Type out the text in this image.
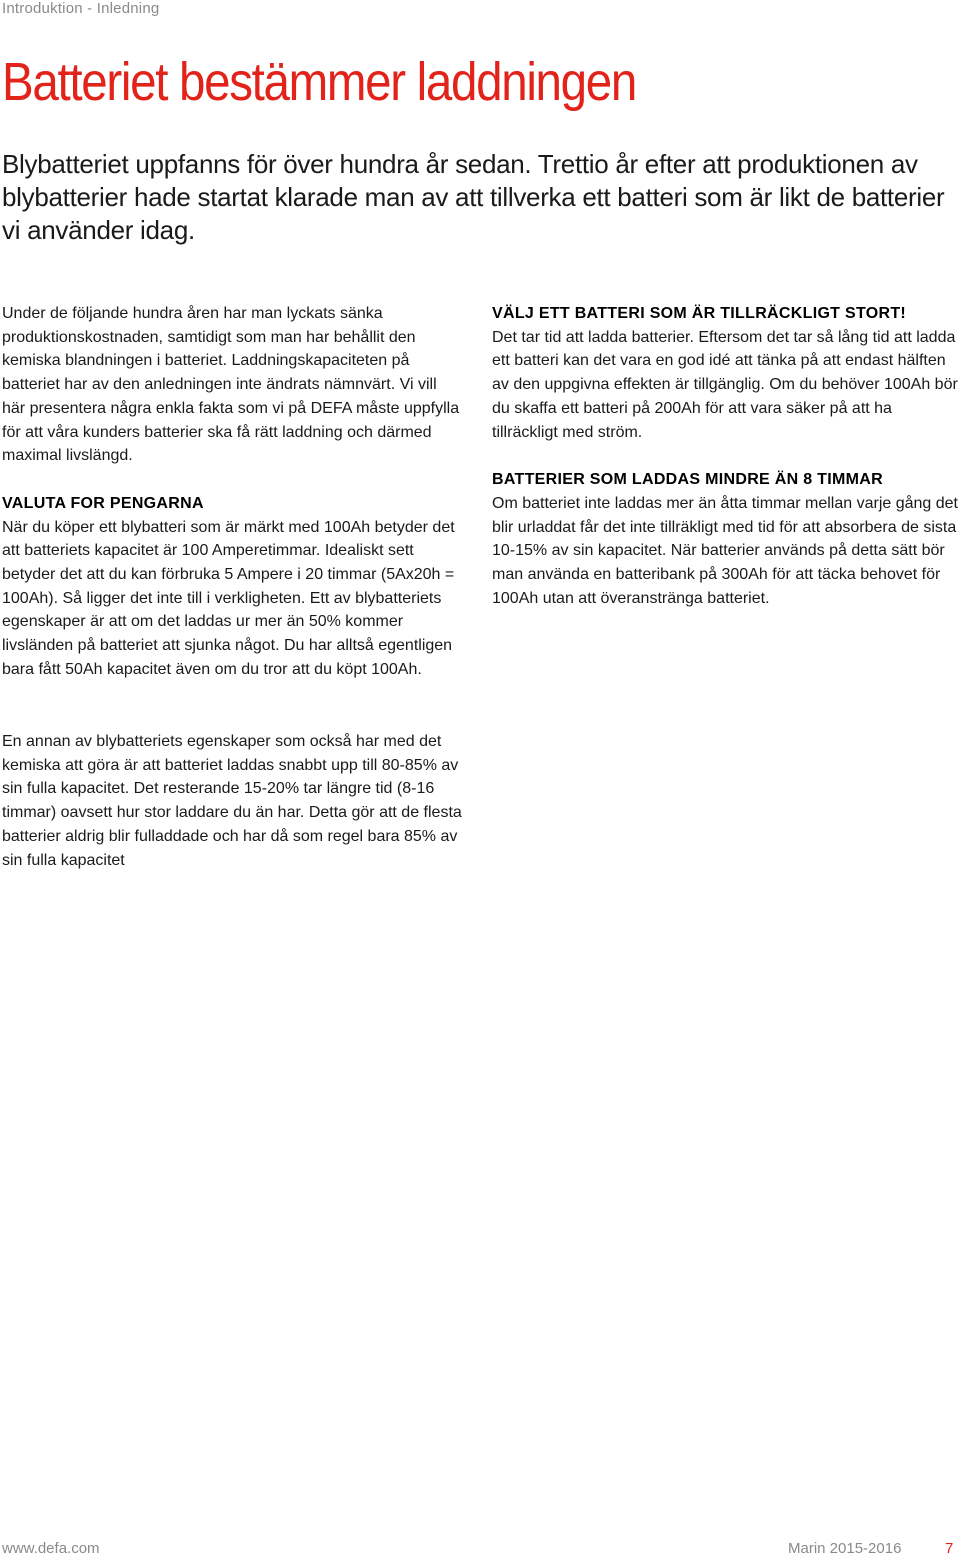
Introduktion - Inledning
Batteriet bestämmer laddningen

Blybatteriet uppfanns för över hundra år sedan. Trettio år efter att produktionen av blybatterier hade startat klarade man av att tillverka ett batteri som är likt de batterier vi använder idag.

Under de följande hundra åren har man lyckats sänka produktionskostnaden, samtidigt som man har behållit den kemiska blandningen i batteriet. Laddningskapaciteten på batteriet har av den anledningen inte ändrats nämnvärt. Vi vill här presentera några enkla fakta som vi på DEFA måste uppfylla för att våra kunders batterier ska få rätt laddning och därmed maximal livslängd.

VALUTA FOR PENGARNA

När du köper ett blybatteri som är märkt med 100Ah betyder det att batteriets kapacitet är 100 Amperetimmar. Idealiskt sett betyder det att du kan förbruka 5 Ampere i 20 timmar (5Ax20h = 100Ah). Så ligger det inte till i verkligheten. Ett av blybatteriets egenskaper är att om det laddas ur mer än 50% kommer livsländen på batteriet att sjunka något. Du har alltså egentligen bara fått 50Ah kapacitet även om du tror att du köpt 100Ah.

VÄLJ ETT BATTERI SOM ÄR TILLRÄCKLIGT STORT!

Det tar tid att ladda batterier. Eftersom det tar så lång tid att ladda ett batteri kan det vara en god idé att tänka på att endast hälften av den uppgivna effekten är tillgänglig. Om du behöver 100Ah bör du skaffa ett batteri på 200Ah för att vara säker på att ha tillräckligt med ström.

BATTERIER SOM LADDAS MINDRE ÄN 8 TIMMAR

Om batteriet inte laddas mer än åtta timmar mellan varje gång det blir urladdat får det inte tillräkligt med tid för att absorbera de sista 10-15% av sin kapacitet. När batterier används på detta sätt bör man använda en batteribank på 300Ah för att täcka behovet för 100Ah utan att överanstränga batteriet.

En annan av blybatteriets egenskaper som också har med det kemiska att göra är att batteriet laddas snabbt upp till 80-85% av sin fulla kapacitet. Det resterande 15-20% tar längre tid (8-16 timmar) oavsett hur stor laddare du än har. Detta gör att de flesta batterier aldrig blir fulladdade och har då som regel bara 85% av sin fulla kapacitet

www.defa.com	Marin 2015-2016	7
